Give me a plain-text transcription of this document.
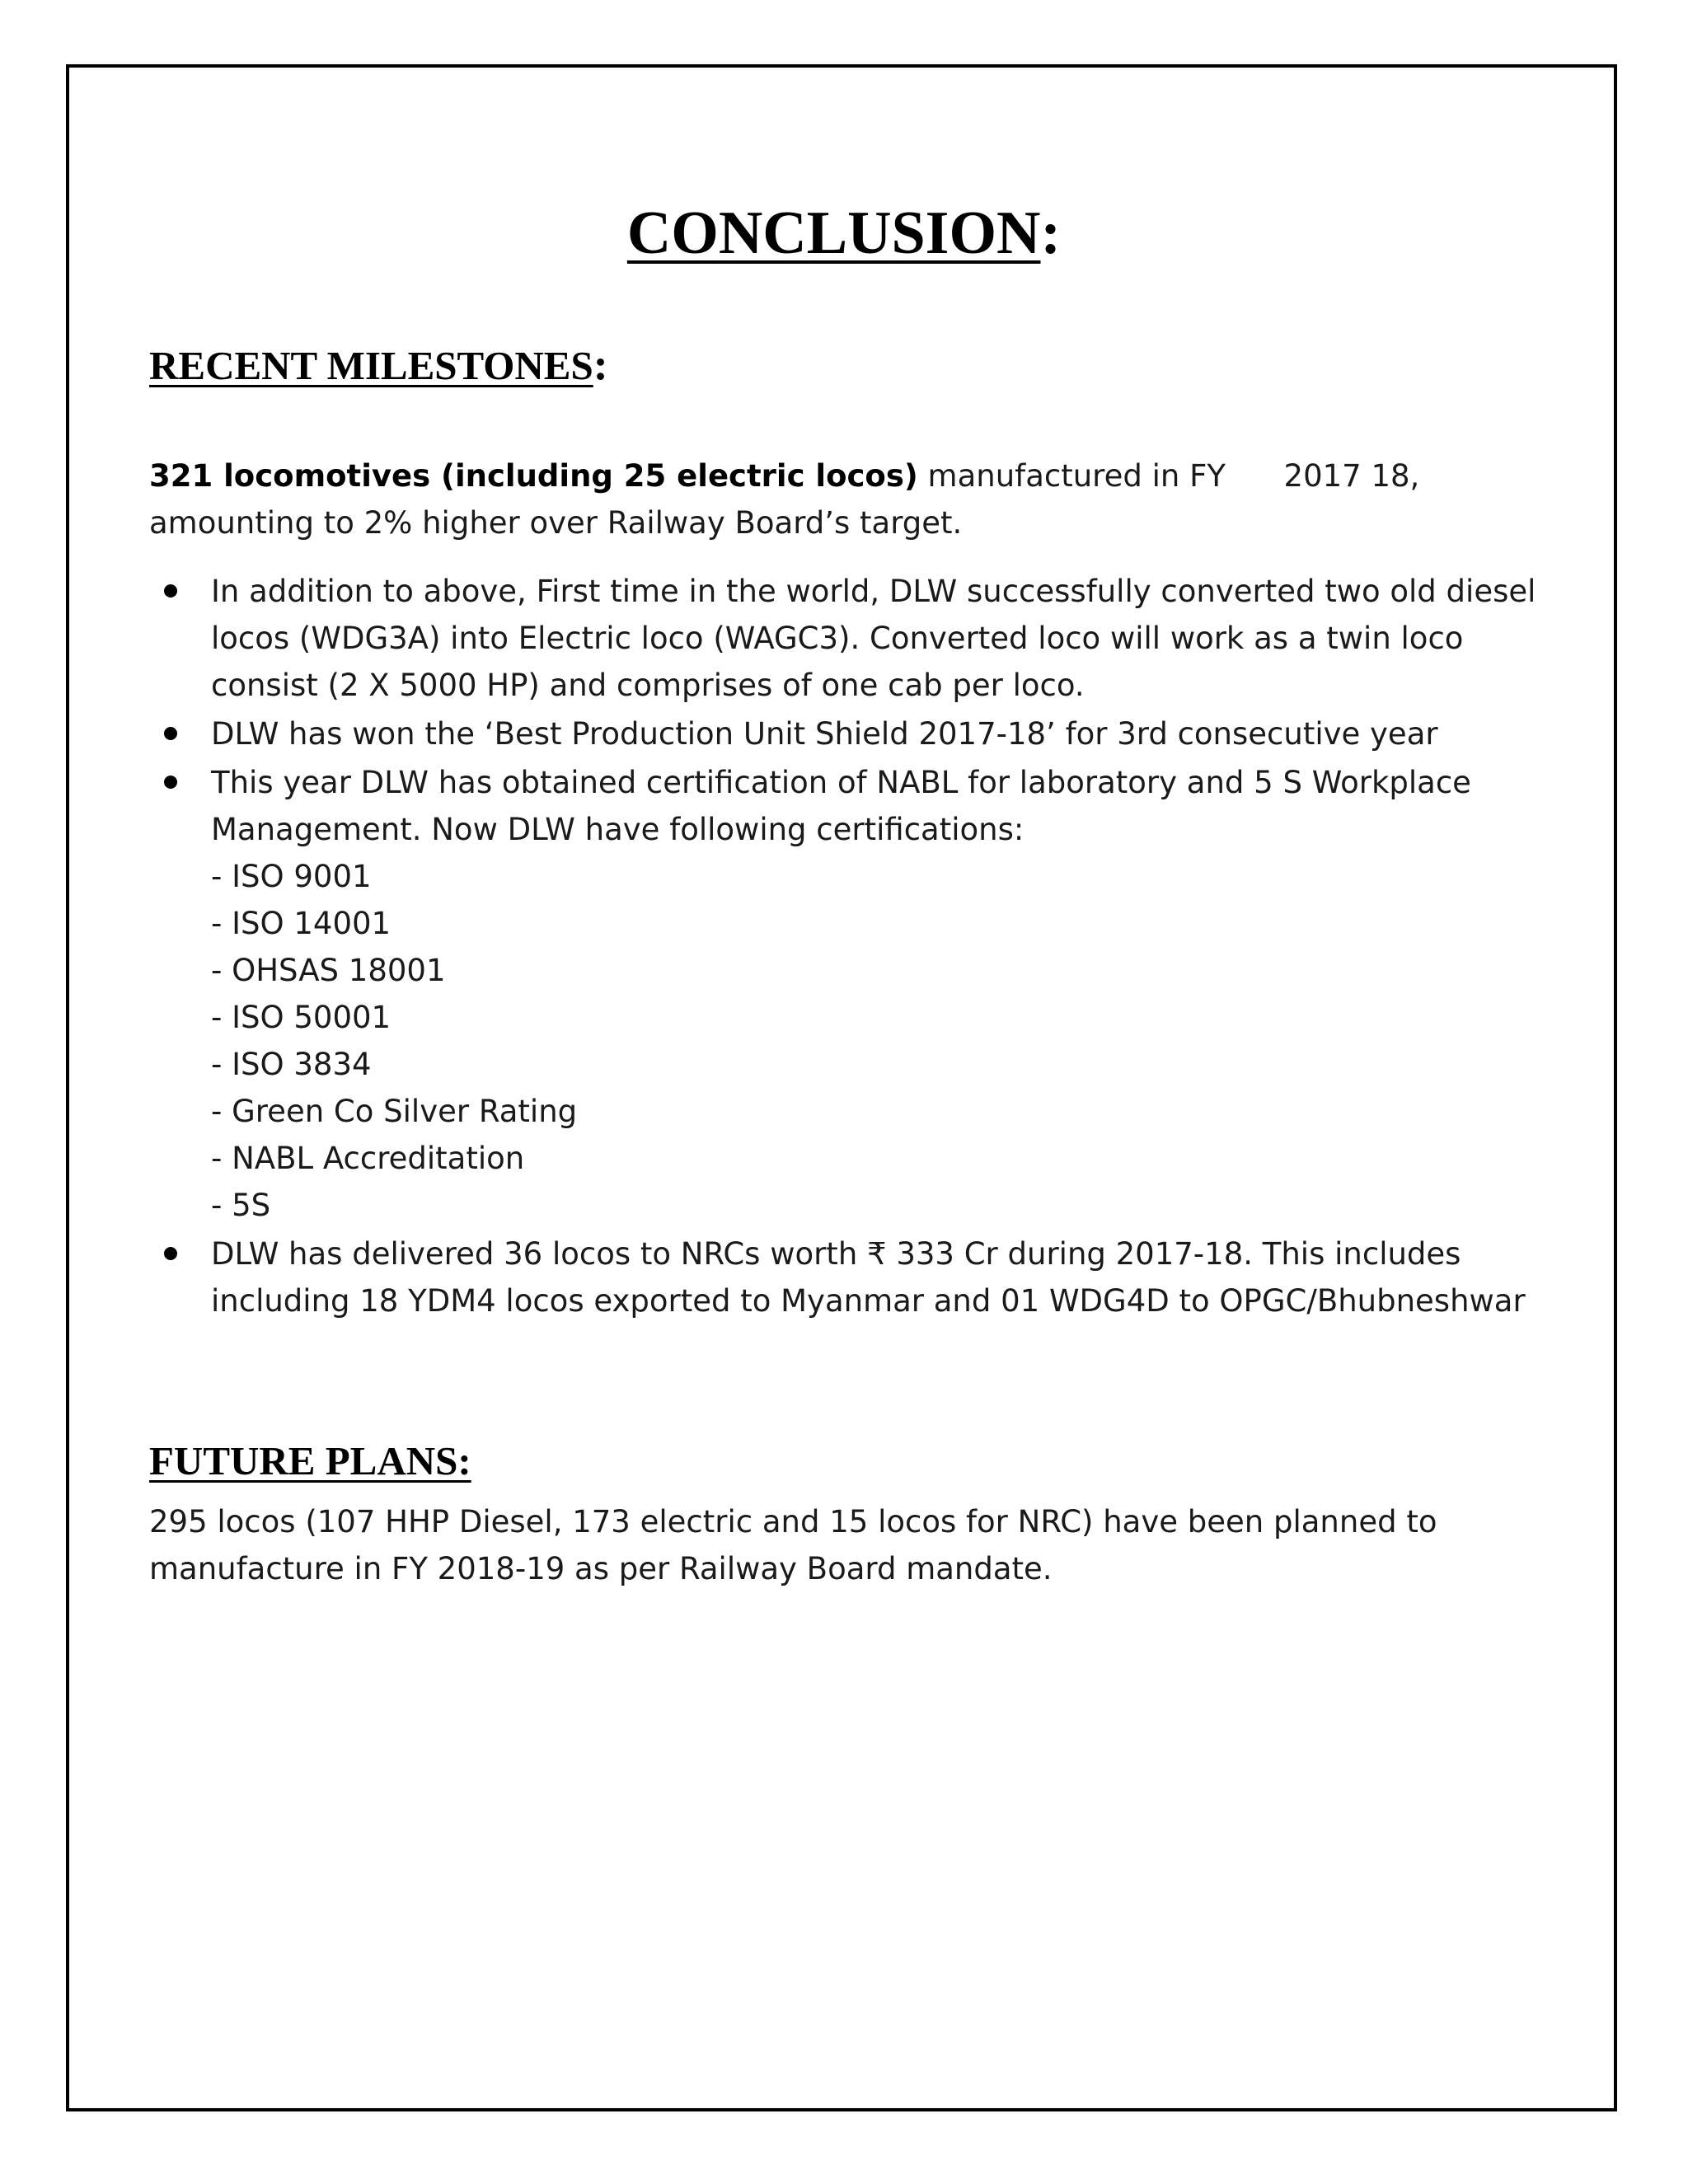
CONCLUSION:
RECENT MILESTONES:

321 locomotives (including 25 electric locos) manufactured in FY      2017 18, amounting to 2% higher over Railway Board’s target.

In addition to above, First time in the world, DLW successfully converted two old diesel locos (WDG3A) into Electric loco (WAGC3). Converted loco will work as a twin loco consist (2 X 5000 HP) and comprises of one cab per loco.
DLW has won the ‘Best Production Unit Shield 2017-18’ for 3rd consecutive year
This year DLW has obtained certification of NABL for laboratory and 5 S Workplace Management. Now DLW have following certifications:
- ISO 9001
- ISO 14001
- OHSAS 18001
- ISO 50001
- ISO 3834
- Green Co Silver Rating
- NABL Accreditation
- 5S
DLW has delivered 36 locos to NRCs worth ₹ 333 Cr during 2017-18. This includes including 18 YDM4 locos exported to Myanmar and 01 WDG4D to OPGC/Bhubneshwar
FUTURE PLANS:

295 locos (107 HHP Diesel, 173 electric and 15 locos for NRC) have been planned to manufacture in FY 2018-19 as per Railway Board mandate.
